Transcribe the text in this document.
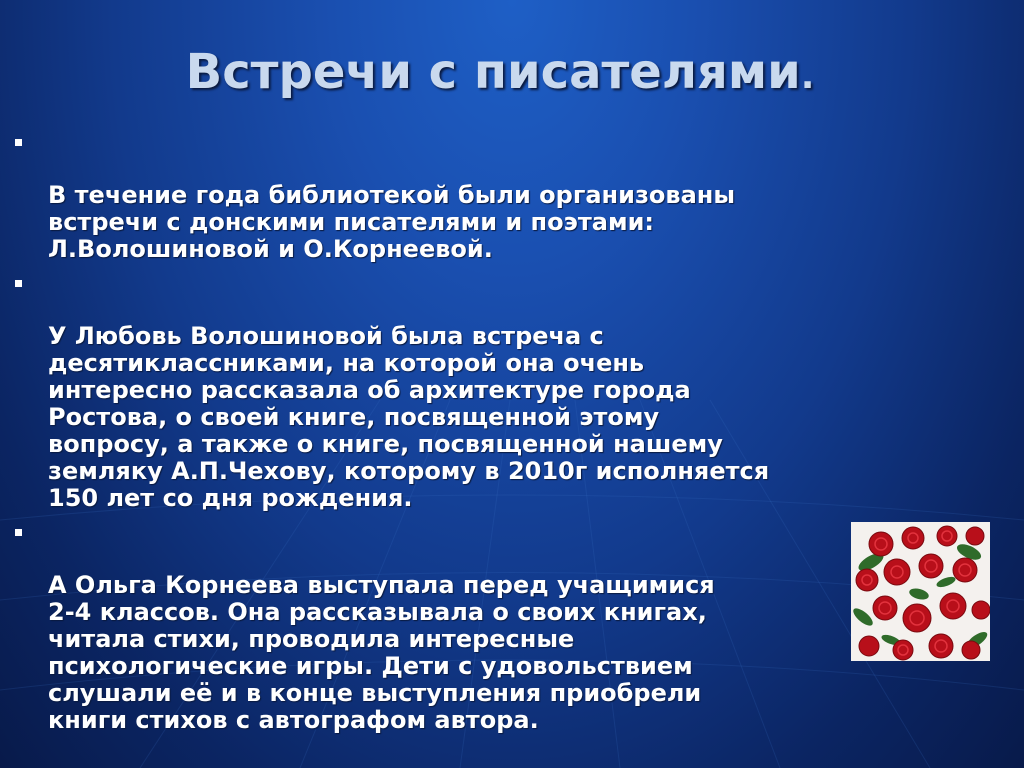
Встречи с писателями.

В течение года библиотекой были организованы
встречи с донскими писателями и поэтами:
Л.Волошиновой и О.Корнеевой.

У Любовь Волошиновой была встреча с
десятиклассниками, на которой она очень
интересно рассказала об архитектуре города
Ростова, о своей книге, посвященной этому
вопросу, а также о книге, посвященной нашему
земляку А.П.Чехову, которому в 2010г исполняется
150 лет со дня рождения.

А Ольга Корнеева выступала перед учащимися
2-4 классов. Она рассказывала о своих книгах,
читала стихи, проводила интересные
психологические игры. Дети с удовольствием
слушали её и в конце выступления приобрели
книги стихов с автографом автора.
